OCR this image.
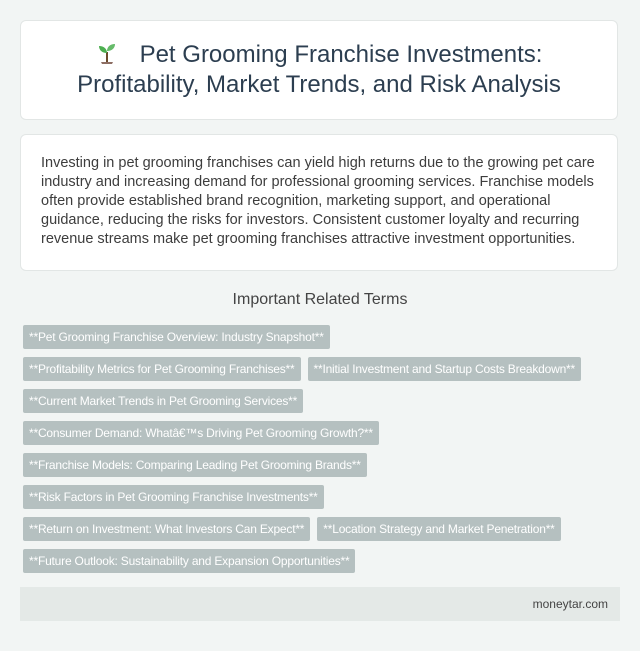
Pet Grooming Franchise Investments:
Profitability, Market Trends, and Risk Analysis

Investing in pet grooming franchises can yield high returns due to the growing pet care industry and increasing demand for professional grooming services. Franchise models often provide established brand recognition, marketing support, and operational guidance, reducing the risks for investors. Consistent customer loyalty and recurring revenue streams make pet grooming franchises attractive investment opportunities.

Important Related Terms
**Pet Grooming Franchise Overview: Industry Snapshot**
**Profitability Metrics for Pet Grooming Franchises**	**Initial Investment and Startup Costs Breakdown**
**Current Market Trends in Pet Grooming Services**
**Consumer Demand: Whatâ€™s Driving Pet Grooming Growth?**
**Franchise Models: Comparing Leading Pet Grooming Brands**
**Risk Factors in Pet Grooming Franchise Investments**
**Return on Investment: What Investors Can Expect**	**Location Strategy and Market Penetration**
**Future Outlook: Sustainability and Expansion Opportunities**
moneytar.com
